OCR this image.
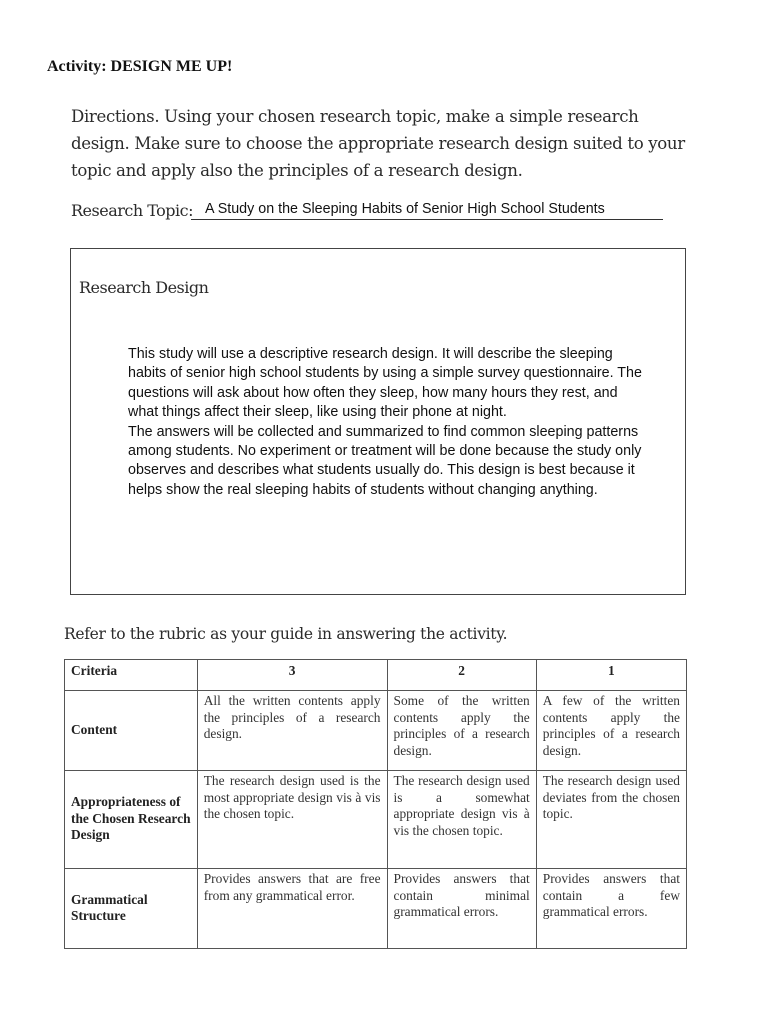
Activity: DESIGN ME UP!
Directions. Using your chosen research topic, make a simple research design. Make sure to choose the appropriate research design suited to your topic and apply also the principles of a research design.
Research Topic: A Study on the Sleeping Habits of Senior High School Students
Research Design

This study will use a descriptive research design. It will describe the sleeping habits of senior high school students by using a simple survey questionnaire. The questions will ask about how often they sleep, how many hours they rest, and what things affect their sleep, like using their phone at night.

The answers will be collected and summarized to find common sleeping patterns among students. No experiment or treatment will be done because the study only observes and describes what students usually do. This design is best because it helps show the real sleeping habits of students without changing anything.

Refer to the rubric as your guide in answering the activity.
Criteria	3	2	1
Content	All the written contents apply the principles of a research design.	Some of the written contents apply the principles of a research design.	A few of the written contents apply the principles of a research design.
Appropriateness of the Chosen Research Design	The research design used is the most appropriate design vis à vis the chosen topic.	The research design used is a somewhat appropriate design vis à vis the chosen topic.	The research design used deviates from the chosen topic.
Grammatical Structure	Provides answers that are free from any grammatical error.	Provides answers that contain minimal grammatical errors.	Provides answers that contain a few grammatical errors.
